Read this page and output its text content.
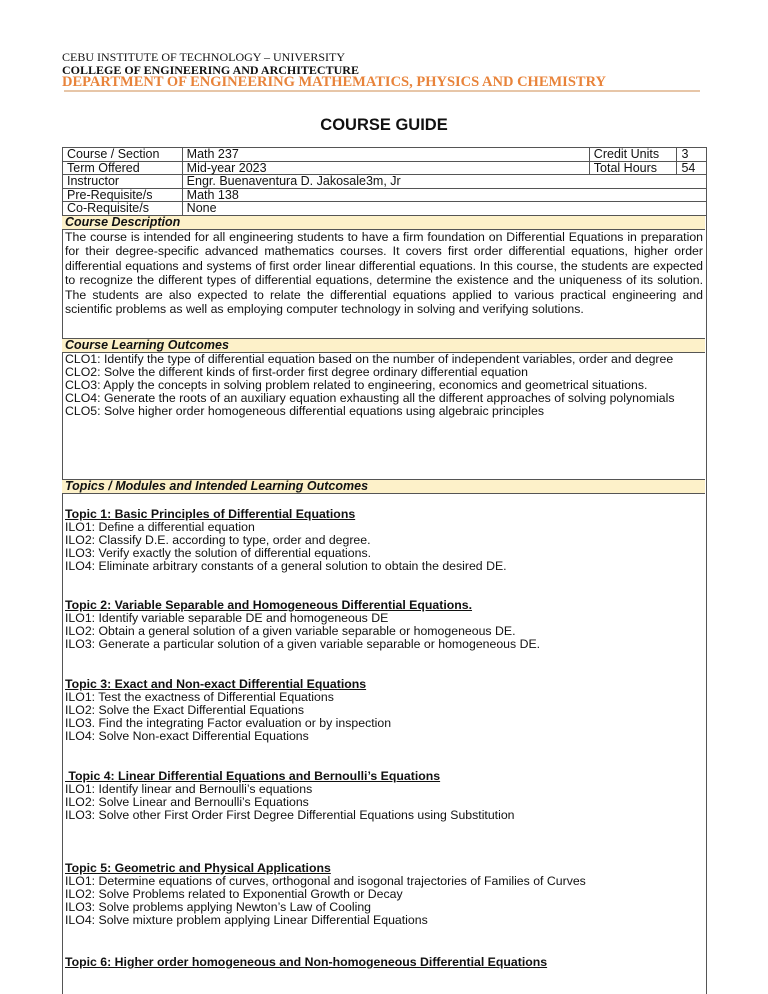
CEBU INSTITUTE OF TECHNOLOGY – UNIVERSITY
COLLEGE OF ENGINEERING AND ARCHITECTURE
DEPARTMENT OF ENGINEERING MATHEMATICS, PHYSICS AND CHEMISTRY
COURSE GUIDE
Course / Section	Math 237	Credit Units	3
Term Offered	Mid-year 2023	Total Hours	54
Instructor	Engr. Buenaventura D. Jakosale3m, Jr		
Pre-Requisite/s	Math 138		
Co-Requisite/s	None		
Course Description
The course is intended for all engineering students to have a firm foundation on Differential Equations in preparation for their degree-specific advanced mathematics courses. It covers first order differential equations, higher order differential equations and systems of first order linear differential equations. In this course, the students are expected to recognize the different types of differential equations, determine the existence and the uniqueness of its solution. The students are also expected to relate the differential equations applied to various practical engineering and scientific problems as well as employing computer technology in solving and verifying solutions.
Course Learning Outcomes
CLO1: Identify the type of differential equation based on the number of independent variables, order and degree
CLO2: Solve the different kinds of first-order first degree ordinary differential equation
CLO3: Apply the concepts in solving problem related to engineering, economics and geometrical situations.
CLO4: Generate the roots of an auxiliary equation exhausting all the different approaches of solving polynomials
CLO5: Solve higher order homogeneous differential equations using algebraic principles
Topics / Modules and Intended Learning Outcomes
Topic 1: Basic Principles of Differential Equations
ILO1: Define a differential equation
ILO2: Classify D.E. according to type, order and degree.
ILO3: Verify exactly the solution of differential equations.
ILO4: Eliminate arbitrary constants of a general solution to obtain the desired DE.
Topic 2: Variable Separable and Homogeneous Differential Equations.
ILO1: Identify variable separable DE and homogeneous DE
ILO2: Obtain a general solution of a given variable separable or homogeneous DE.
ILO3: Generate a particular solution of a given variable separable or homogeneous DE.
Topic 3: Exact and Non-exact Differential Equations
ILO1: Test the exactness of Differential Equations
ILO2: Solve the Exact Differential Equations
ILO3. Find the integrating Factor evaluation or by inspection
ILO4: Solve Non-exact Differential Equations
Topic 4: Linear Differential Equations and Bernoulli’s Equations
ILO1: Identify linear and Bernoulli’s equations
ILO2: Solve Linear and Bernoulli’s Equations
ILO3: Solve other First Order First Degree Differential Equations using Substitution
Topic 5: Geometric and Physical Applications
ILO1: Determine equations of curves, orthogonal and isogonal trajectories of Families of Curves
ILO2: Solve Problems related to Exponential Growth or Decay
ILO3: Solve problems applying Newton’s Law of Cooling
ILO4: Solve mixture problem applying Linear Differential Equations
Topic 6: Higher order homogeneous and Non-homogeneous Differential Equations
